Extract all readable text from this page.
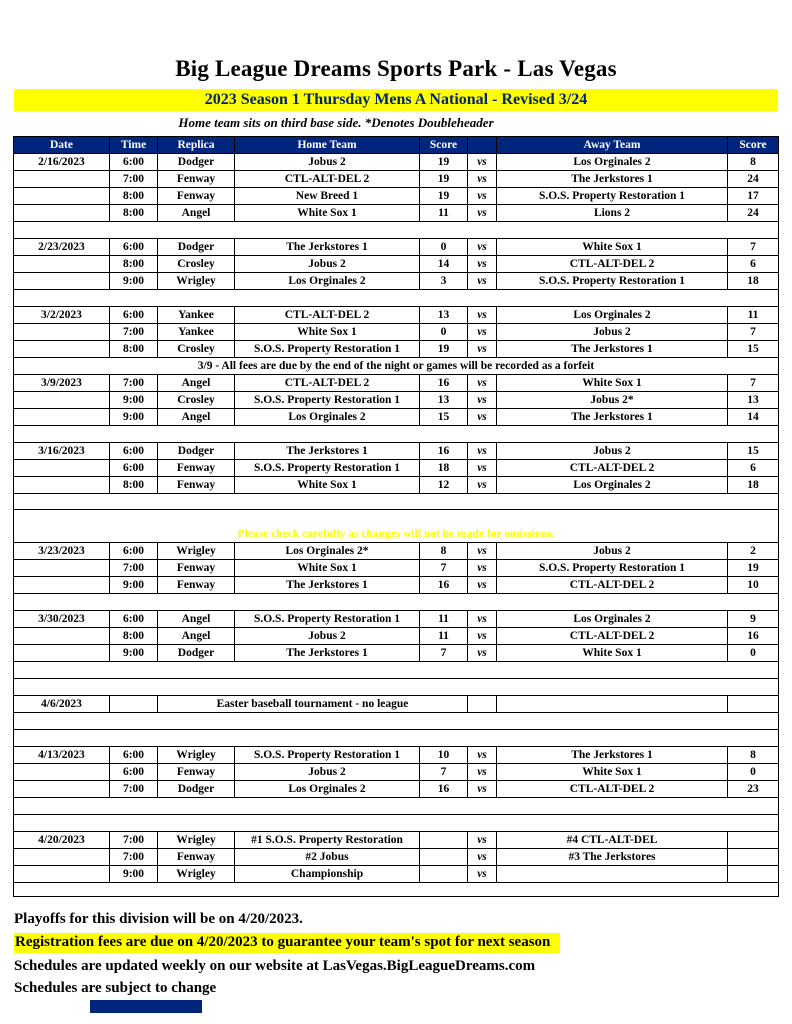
Big League Dreams Sports Park - Las Vegas
2023 Season 1 Thursday Mens A National - Revised 3/24
Home team sits on third base side. *Denotes Doubleheader
Date	Time	Replica	Home Team	Score		Away Team	Score
2/16/2023	6:00	Dodger	Jobus 2	19	vs	Los Orginales 2	8
	7:00	Fenway	CTL-ALT-DEL 2	19	vs	The Jerkstores 1	24
	8:00	Fenway	New Breed 1	19	vs	S.O.S. Property Restoration 1	17
	8:00	Angel	White Sox 1	11	vs	Lions 2	24

2/23/2023	6:00	Dodger	The Jerkstores 1	0	vs	White Sox 1	7
	8:00	Crosley	Jobus 2	14	vs	CTL-ALT-DEL 2	6
	9:00	Wrigley	Los Orginales 2	3	vs	S.O.S. Property Restoration 1	18

3/2/2023	6:00	Yankee	CTL-ALT-DEL 2	13	vs	Los Orginales 2	11
	7:00	Yankee	White Sox 1	0	vs	Jobus 2	7
	8:00	Crosley	S.O.S. Property Restoration 1	19	vs	The Jerkstores 1	15
3/9 - All fees are due by the end of the night or games will be recorded as a forfeit							
3/9/2023	7:00	Angel	CTL-ALT-DEL 2	16	vs	White Sox 1	7
	9:00	Crosley	S.O.S. Property Restoration 1	13	vs	Jobus 2*	13
	9:00	Angel	Los Orginales 2	15	vs	The Jerkstores 1	14

3/16/2023	6:00	Dodger	The Jerkstores 1	16	vs	Jobus 2	15
	6:00	Fenway	S.O.S. Property Restoration 1	18	vs	CTL-ALT-DEL 2	6
	8:00	Fenway	White Sox 1	12	vs	Los Orginales 2	18

3/23 -Rosters are frozen after tonight, only players with their names on the signed roster are eligible for playoffs.
Please check carefully as changes will not be made for omissions.							

3/23/2023	6:00	Wrigley	Los Orginales 2*	8	vs	Jobus 2	2
	7:00	Fenway	White Sox 1	7	vs	S.O.S. Property Restoration 1	19
	9:00	Fenway	The Jerkstores 1	16	vs	CTL-ALT-DEL 2	10

3/30/2023	6:00	Angel	S.O.S. Property Restoration 1	11	vs	Los Orginales 2	9
	8:00	Angel	Jobus 2	11	vs	CTL-ALT-DEL 2	16
	9:00	Dodger	The Jerkstores 1	7	vs	White Sox 1	0

4/6/2023		Easter baseball tournament - no league					

4/13/2023	6:00	Wrigley	S.O.S. Property Restoration 1	10	vs	The Jerkstores 1	8
	6:00	Fenway	Jobus 2	7	vs	White Sox 1	0
	7:00	Dodger	Los Orginales 2	16	vs	CTL-ALT-DEL 2	23

4/20/2023	7:00	Wrigley	#1 S.O.S. Property Restoration		vs	#4 CTL-ALT-DEL	
	7:00	Fenway	#2 Jobus		vs	#3 The Jerkstores	
	9:00	Wrigley	Championship		vs		

Playoffs for this division will be on 4/20/2023.
Registration fees are due on 4/20/2023 to guarantee your team's spot for next season
Schedules are updated weekly on our website at LasVegas.BigLeagueDreams.com
Schedules are subject to change
